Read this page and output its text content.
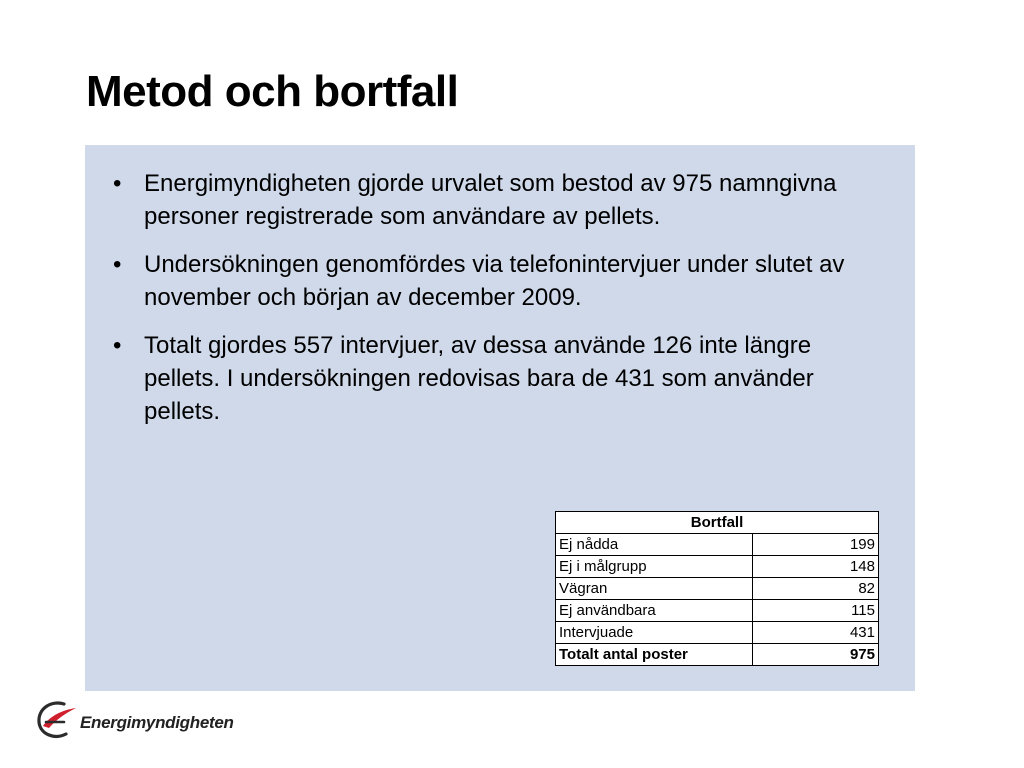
Metod och bortfall
• Energimyndigheten gjorde urvalet som bestod av 975 namngivna personer registrerade som användare av pellets.
• Undersökningen genomfördes via telefonintervjuer under slutet av november och början av december 2009.
• Totalt gjordes 557 intervjuer, av dessa använde 126 inte längre pellets. I undersökningen redovisas bara de 431 som använder pellets.
Bortfall	
Ej nådda	199
Ej i målgrupp	148
Vägran	82
Ej användbara	115
Intervjuade	431
Totalt antal poster	975
Energimyndigheten
